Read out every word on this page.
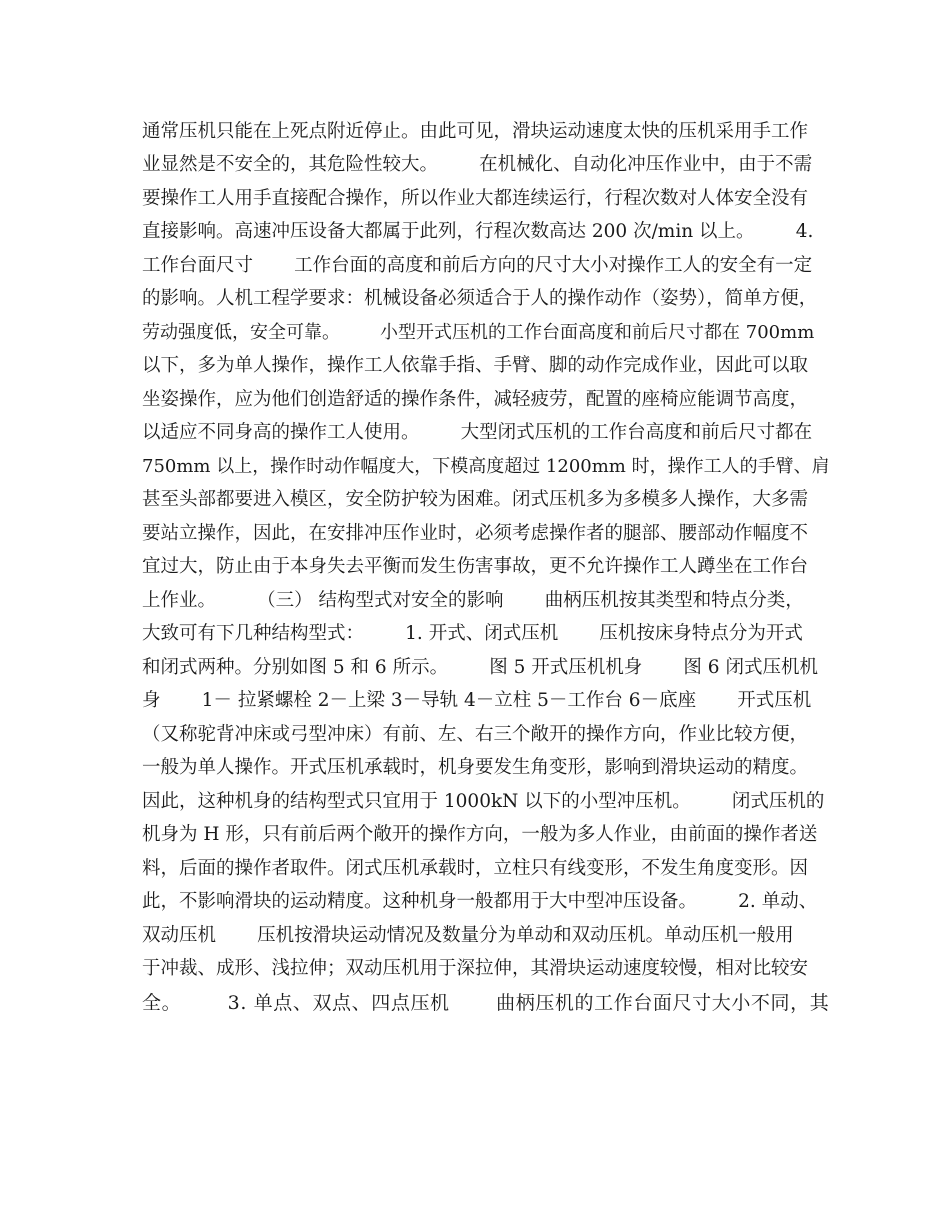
通常压机只能在上死点附近停止。由此可见，滑块运动速度太快的压机采用手工作
业显然是不安全的，其危险性较大。       在机械化、自动化冲压作业中，由于不需
要操作工人用手直接配合操作，所以作业大都连续运行，行程次数对人体安全没有
直接影响。高速冲压设备大都属于此列，行程次数高达 200 次/min 以上。       4.
工作台面尺寸       工作台面的高度和前后方向的尺寸大小对操作工人的安全有一定
的影响。人机工程学要求：机械设备必须适合于人的操作动作（姿势），简单方便，
劳动强度低，安全可靠。       小型开式压机的工作台面高度和前后尺寸都在 700mm
以下，多为单人操作，操作工人依靠手指、手臂、脚的动作完成作业，因此可以取
坐姿操作，应为他们创造舒适的操作条件，减轻疲劳，配置的座椅应能调节高度，
以适应不同身高的操作工人使用。       大型闭式压机的工作台高度和前后尺寸都在
750mm 以上，操作时动作幅度大，下模高度超过 1200mm 时，操作工人的手臂、肩
甚至头部都要进入模区，安全防护较为困难。闭式压机多为多模多人操作，大多需
要站立操作，因此，在安排冲压作业时，必须考虑操作者的腿部、腰部动作幅度不
宜过大，防止由于本身失去平衡而发生伤害事故，更不允许操作工人蹲坐在工作台
上作业。       （三） 结构型式对安全的影响       曲柄压机按其类型和特点分类，
大致可有下几种结构型式：       1. 开式、闭式压机       压机按床身特点分为开式
和闭式两种。分别如图 5 和 6 所示。       图 5 开式压机机身       图 6 闭式压机机
身       1－ 拉紧螺栓 2－上梁 3－导轨 4－立柱 5－工作台 6－底座       开式压机
（又称驼背冲床或弓型冲床）有前、左、右三个敞开的操作方向，作业比较方便，
一般为单人操作。开式压机承载时，机身要发生角变形，影响到滑块运动的精度。
因此，这种机身的结构型式只宜用于 1000kN 以下的小型冲压机。       闭式压机的
机身为 H 形，只有前后两个敞开的操作方向，一般为多人作业，由前面的操作者送
料，后面的操作者取件。闭式压机承载时，立柱只有线变形，不发生角度变形。因
此，不影响滑块的运动精度。这种机身一般都用于大中型冲压设备。       2. 单动、
双动压机       压机按滑块运动情况及数量分为单动和双动压机。单动压机一般用
于冲裁、成形、浅拉伸；双动压机用于深拉伸，其滑块运动速度较慢，相对比较安
全。       3. 单点、双点、四点压机       曲柄压机的工作台面尺寸大小不同，其
